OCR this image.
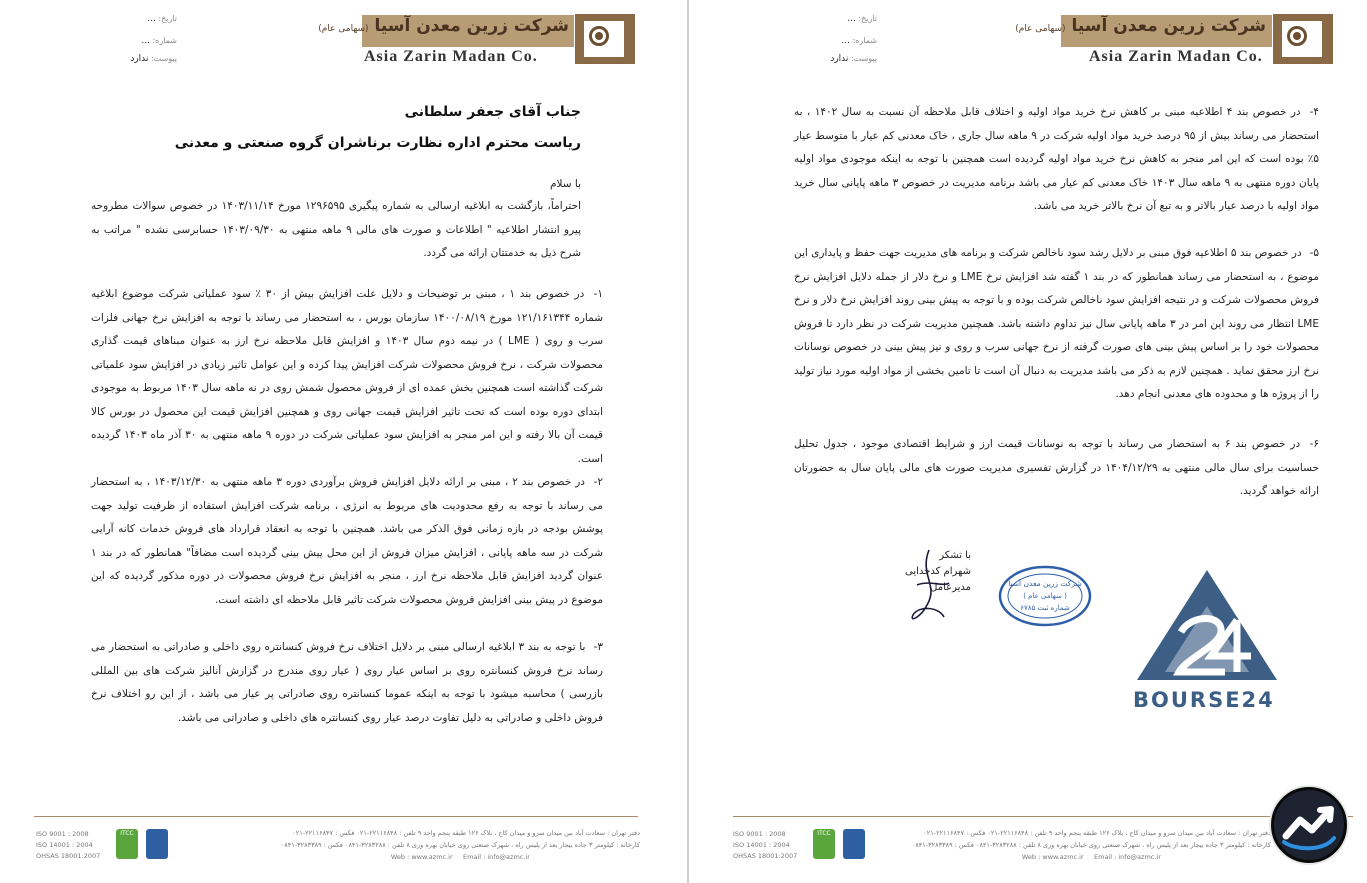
شرکت زرین معدن آسیا (سهامی عام)
Asia Zarin Madan Co.
تاریخ: ...
شماره: ...
پیوست: ندارد
جناب آقای جعفر سلطانی
ریاست محترم اداره نظارت برناشران گروه صنعتی و معدنی
با سلام
احتراماً، بازگشت به ابلاغیه ارسالی به شماره پیگیری ۱۲۹۶۵۹۵ مورخ ۱۴۰۳/۱۱/۱۴ در خصوص سوالات مطروحه پیرو انتشار اطلاعیه " اطلاعات و صورت های مالی ۹ ماهه منتهی به ۱۴۰۳/۰۹/۳۰ حسابرسی نشده " مراتب به شرح ذیل به خدمتتان ارائه می گردد.
۱- در خصوص بند ۱ ، مبنی بر توضیحات و دلایل علت افزایش بیش از ۳۰ ٪ سود عملیاتی شرکت موضوع ابلاغیه شماره ۱۲۱/۱۶۱۳۴۴ مورخ ۱۴۰۰/۰۸/۱۹ سازمان بورس ، به استحضار می رساند با توجه به افزایش نرخ جهانی فلزات سرب و روی ( LME ) در نیمه دوم سال ۱۴۰۳ و افزایش قابل ملاحظه نرخ ارز به عنوان مبناهای قیمت گذاری محصولات شرکت ، نرخ فروش محصولات شرکت افزایش پیدا کرده و این عوامل تاثیر زیادی در افزایش سود علمیاتی شرکت گذاشته است همچنین بخش عمده ای از فروش محصول شمش روی در نه ماهه سال ۱۴۰۳ مربوط به موجودی ابتدای دوره بوده است که تحت تاثیر افزایش قیمت جهانی روی و همچنین افزایش قیمت این محصول در بورس کالا قیمت آن بالا رفته و این امر منجر به افزایش سود عملیاتی شرکت در دوره ۹ ماهه منتهی به ۳۰ آذر ماه ۱۴۰۳ گردیده است.
۲- در خصوص بند ۲ ، مبنی بر ارائه دلایل افزایش فروش برآوردی دوره ۳ ماهه منتهی به ۱۴۰۳/۱۲/۳۰ ، به استحضار می رساند با توجه به رفع محدودیت های مربوط به انرژی ، برنامه شرکت افزایش استفاده از ظرفیت تولید جهت پوشش بودجه در بازه زمانی فوق الذکر می باشد. همچنین با توجه به انعقاد قرارداد های فروش خدمات کانه آرایی شرکت در سه ماهه پایانی ، افزایش میزان فروش از این محل پیش بینی گردیده است مضافاً" همانطور که در بند ۱ عنوان گردید افزایش قابل ملاحظه نرخ ارز ، منجر به افزایش نرخ فروش محصولات در دوره مذکور گردیده که این موضوع در پیش بینی افزایش فروش محصولات شرکت تاثیر قابل ملاحظه ای داشته است.
۳- با توجه به بند ۳ ابلاغیه ارسالی مبنی بر دلایل اختلاف نرخ فروش کنسانتره روی داخلی و صادراتی به استحضار می رساند نرخ فروش کنسانتره روی بر اساس عیار روی ( عیار روی مندرج در گزارش آنالیز شرکت های بین المللی بازرسی ) محاسبه میشود با توجه به اینکه عموما کنسانتره روی صادراتی پر عیار می باشد ، از این رو اختلاف نرخ فروش داخلی و صادراتی به دلیل تفاوت درصد عیار روی کنسانتره های داخلی و صادراتی می باشد.
ISO 9001 : 2008
ISO 14001 : 2004
OHSAS 18001:2007
ITCC	دفتر تهران : سعادت آباد بین میدان سرو و میدان کاج ، بلاک ۱۲۶ طبقه پنجم واحد ۹ تلفن : ۲۲۱۱۶۸۴۸-۰۲۱ فکس : ۲۲۱۱۶۸۴۷-۰۲۱
کارخانه : کیلومتر ۳ جاده بیجار بعد از پلیس راه ، شهرک صنعتی روی خیابان بهره وری ۸ تلفن : ۳۲۸۳۲۸۸-۰۸۴۱ فکس : ۳۲۸۳۳۸۹-۰۸۴۱
Web : www.azmc.ir Email : info@azmc.ir
شرکت زرین معدن آسیا (سهامی عام)
Asia Zarin Madan Co.
تاریخ: ...
شماره: ...
پیوست: ندارد
۴- در خصوص بند ۴ اطلاعیه مبنی بر کاهش نرخ خرید مواد اولیه و اختلاف قابل ملاحظه آن نسبت به سال ۱۴۰۲ ، به استحضار می رساند بیش از ۹۵ درصد خرید مواد اولیه شرکت در ۹ ماهه سال جاری ، خاک معدنی کم عیار با متوسط عیار ۵٪ بوده است که این امر منجر به کاهش نرخ خرید مواد اولیه گردیده است همچنین با توجه به اینکه موجودی مواد اولیه پایان دوره منتهی به ۹ ماهه سال ۱۴۰۳ خاک معدنی کم عیار می باشد برنامه مدیریت در خصوص ۳ ماهه پایانی سال خرید مواد اولیه با درصد عیار بالاتر و به تبع آن نرخ بالاتر خرید می باشد.
۵- در خصوص بند ۵ اطلاعیه فوق مبنی بر دلایل رشد سود ناخالص شرکت و برنامه های مدیریت جهت حفظ و پایداری این موضوع ، به استحضار می رساند همانطور که در بند ۱ گفته شد افزایش نرخ LME و نرخ دلار از جمله دلایل افزایش نرخ فروش محصولات شرکت و در نتیجه افزایش سود ناخالص شرکت بوده و با توجه به پیش بینی روند افزایش نرخ دلار و نرخ LME انتظار می روند این امر در ۳ ماهه پایانی سال نیز تداوم داشته باشد. همچنین مدیریت شرکت در نظر دارد تا فروش محصولات خود را بر اساس پیش بینی های صورت گرفته از نرخ جهانی سرب و روی و نیز پیش بینی در خصوص نوسانات نرخ ارز محقق نماید . همچنین لازم به ذکر می باشد مدیریت به دنبال آن است تا تامین بخشی از مواد اولیه مورد نیاز تولید را از پروژه ها و محدوده های معدنی انجام دهد.
۶- در خصوص بند ۶ به استحضار می رساند با توجه به نوسانات قیمت ارز و شرایط اقتصادی موجود ، جدول تحلیل حساسیت برای سال مالی منتهی به ۱۴۰۴/۱۲/۲۹ در گزارش تفسیری مدیریت صورت های مالی پایان سال به حضورتان ارائه خواهد گردید.
با تشکر
شهرام کدخدایی
مدیرعامل	شرکت زرین معدن آسیا
( سهامی عام )
شماره ثبت ۶۷۸۵
BOURSE24
ISO 9001 : 2008
ISO 14001 : 2004
OHSAS 18001:2007
ITCC	دفتر تهران : سعادت آباد بین میدان سرو و میدان کاج ، بلاک ۱۲۶ طبقه پنجم واحد ۹ تلفن : ۲۲۱۱۶۸۴۸-۰۲۱ فکس : ۲۲۱۱۶۸۴۷-۰۲۱
کارخانه : کیلومتر ۳ جاده بیجار بعد از پلیس راه ، شهرک صنعتی روی خیابان بهره وری ۸ تلفن : ۳۲۸۳۲۸۸-۰۸۴۱ فکس : ۳۲۸۳۳۸۹-۰۸۴۱
Web : www.azmc.ir Email : info@azmc.ir
